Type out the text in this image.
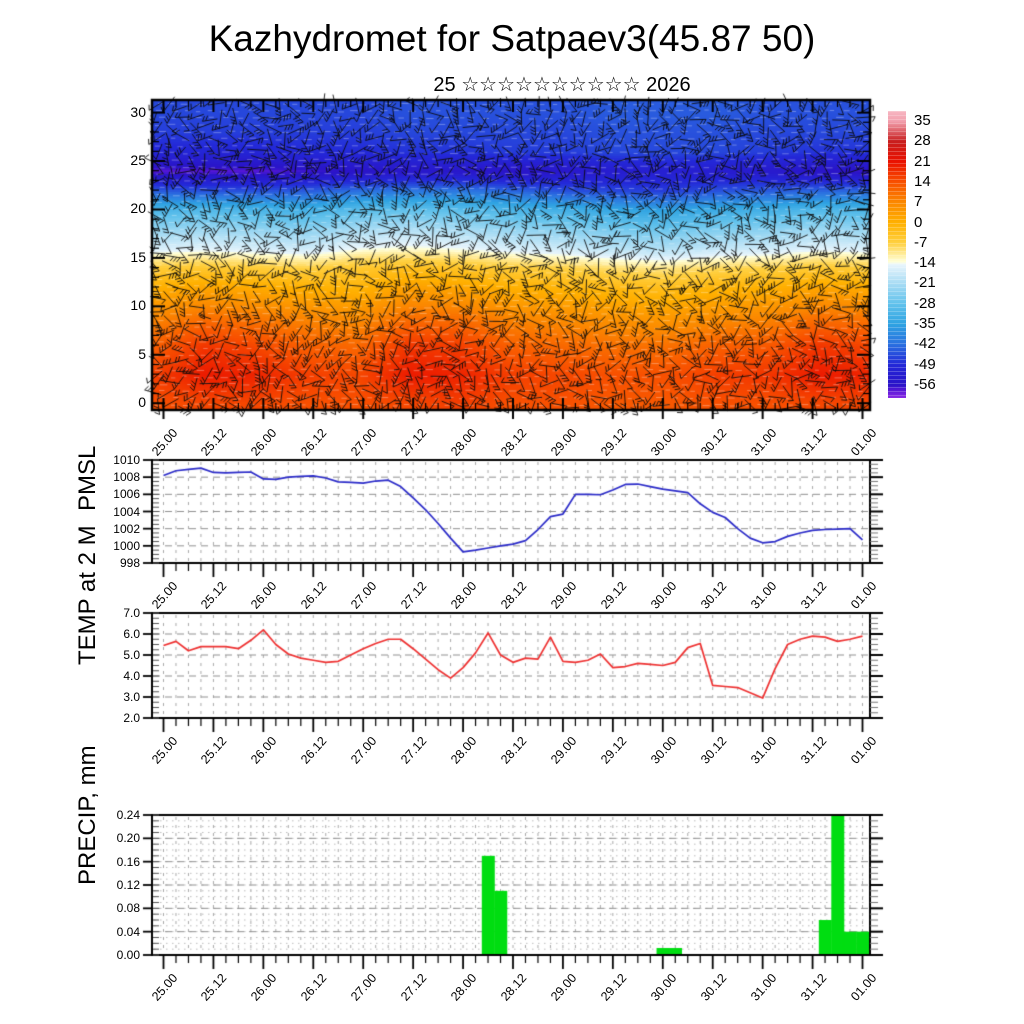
Kazhydromet for Satpaev3(45.87 50)
25 ☆☆☆☆☆☆☆☆☆☆ 2026
0
5
10
15
20
25
30
35
28
21
14
7
0
-7
-14
-21
-28
-35
-42
-49
-56
998
1000
1002
1004
1006
1008
1010
2.0
3.0
4.0
5.0
6.0
7.0
0.00
0.04
0.08
0.12
0.16
0.20
0.24
25.00 25.12 26.00 26.12 27.00 27.12 28.00 28.12 29.00 29.12 30.00 30.12 31.00 31.12 01.00
25.00 25.12 26.00 26.12 27.00 27.12 28.00 28.12 29.00 29.12 30.00 30.12 31.00 31.12 01.00
25.00 25.12 26.00 26.12 27.00 27.12 28.00 28.12 29.00 29.12 30.00 30.12 31.00 31.12 01.00
25.00 25.12 26.00 26.12 27.00 27.12 28.00 28.12 29.00 29.12 30.00 30.12 31.00 31.12 01.00
